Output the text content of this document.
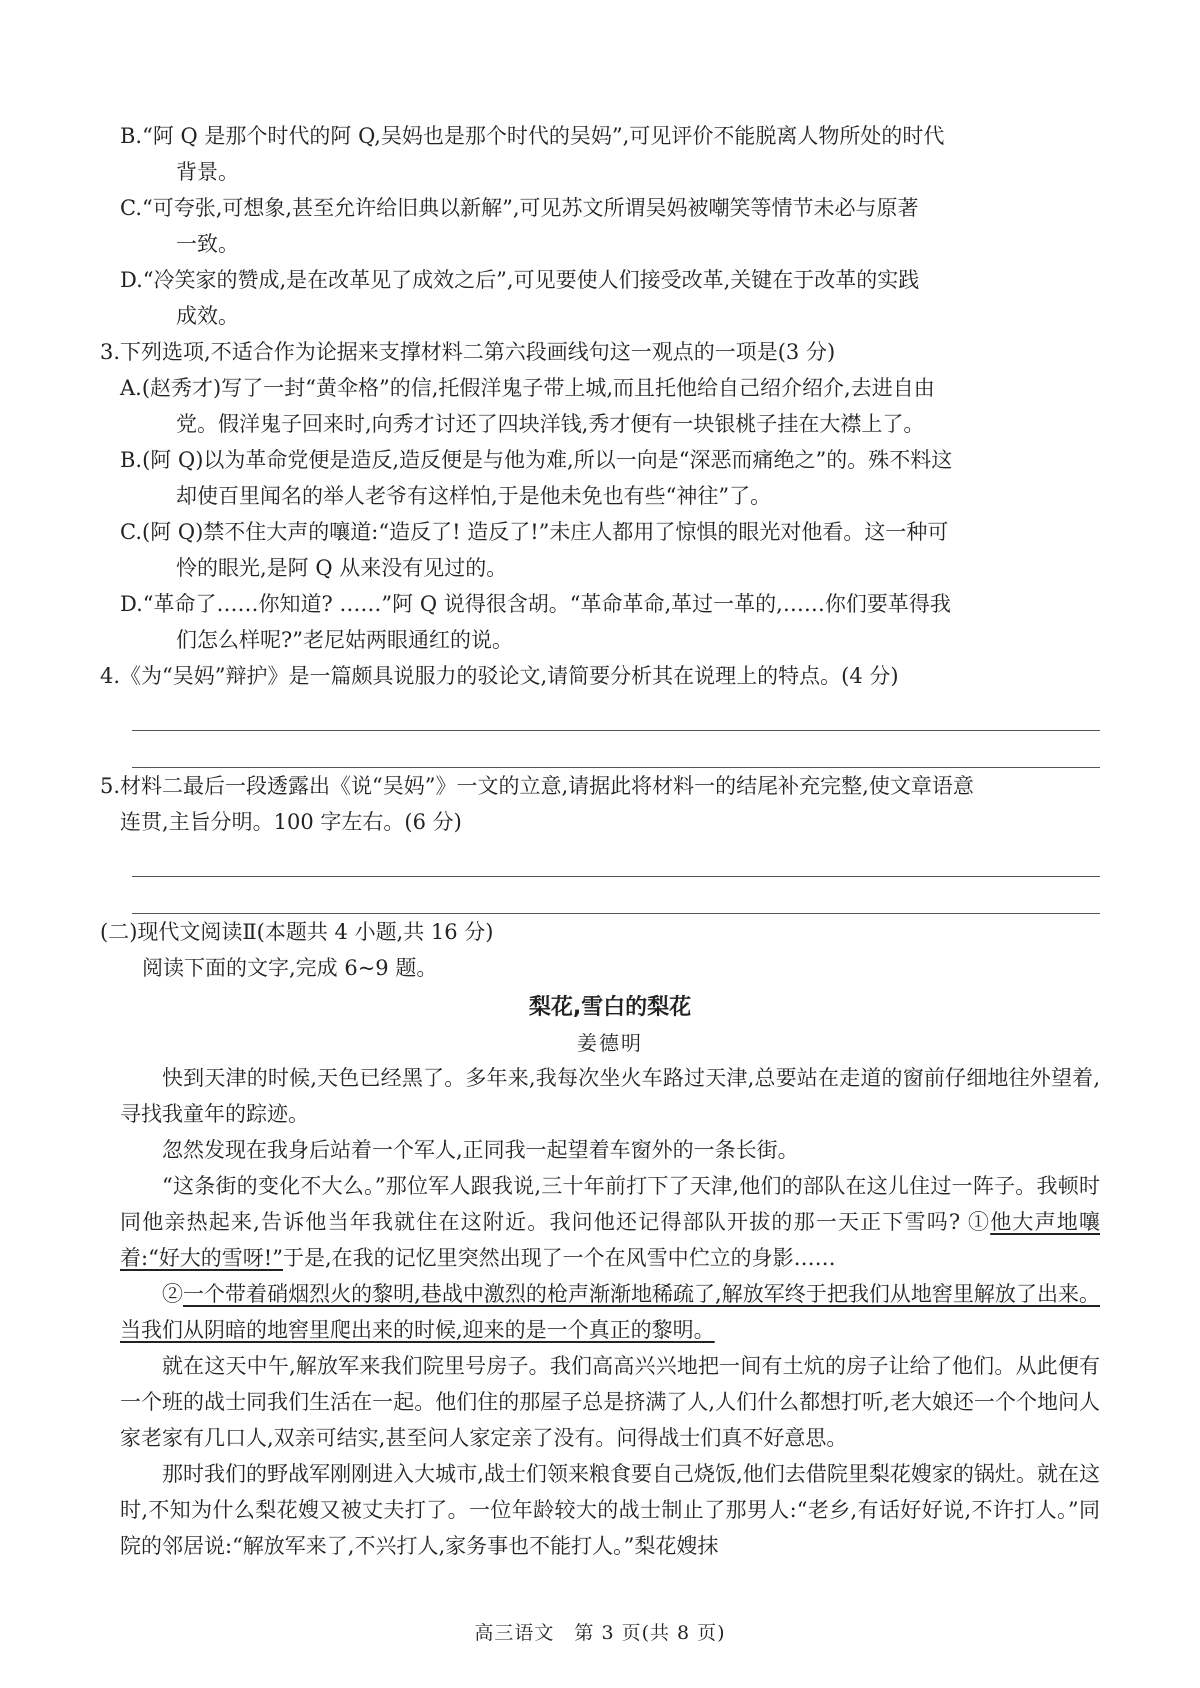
B.“阿 Q 是那个时代的阿 Q,吴妈也是那个时代的吴妈”,可见评价不能脱离人物所处的时代
背景。
C.“可夸张,可想象,甚至允许给旧典以新解”,可见苏文所谓吴妈被嘲笑等情节未必与原著
一致。
D.“冷笑家的赞成,是在改革见了成效之后”,可见要使人们接受改革,关键在于改革的实践
成效。
3.下列选项,不适合作为论据来支撑材料二第六段画线句这一观点的一项是(3 分)
A.(赵秀才)写了一封“黄伞格”的信,托假洋鬼子带上城,而且托他给自己绍介绍介,去进自由
党。假洋鬼子回来时,向秀才讨还了四块洋钱,秀才便有一块银桃子挂在大襟上了。
B.(阿 Q)以为革命党便是造反,造反便是与他为难,所以一向是“深恶而痛绝之”的。殊不料这
却使百里闻名的举人老爷有这样怕,于是他未免也有些“神往”了。
C.(阿 Q)禁不住大声的嚷道:“造反了! 造反了!”未庄人都用了惊惧的眼光对他看。这一种可
怜的眼光,是阿 Q 从来没有见过的。
D.“革命了……你知道? ……”阿 Q 说得很含胡。“革命革命,革过一革的,……你们要革得我
们怎么样呢?”老尼姑两眼通红的说。
4.《为“吴妈”辩护》是一篇颇具说服力的驳论文,请简要分析其在说理上的特点。(4 分)
5.材料二最后一段透露出《说“吴妈”》一文的立意,请据此将材料一的结尾补充完整,使文章语意
连贯,主旨分明。100 字左右。(6 分)
(二)现代文阅读Ⅱ(本题共 4 小题,共 16 分)
阅读下面的文字,完成 6~9 题。
梨花,雪白的梨花
姜德明
快到天津的时候,天色已经黑了。多年来,我每次坐火车路过天津,总要站在走道的窗前仔细地往外望着,寻找我童年的踪迹。
忽然发现在我身后站着一个军人,正同我一起望着车窗外的一条长街。
“这条街的变化不大么。”那位军人跟我说,三十年前打下了天津,他们的部队在这儿住过一阵子。我顿时同他亲热起来,告诉他当年我就住在这附近。我问他还记得部队开拔的那一天正下雪吗? ①他大声地嚷着:“好大的雪呀!”于是,在我的记忆里突然出现了一个在风雪中伫立的身影……
②一个带着硝烟烈火的黎明,巷战中激烈的枪声渐渐地稀疏了,解放军终于把我们从地窖里解放了出来。当我们从阴暗的地窖里爬出来的时候,迎来的是一个真正的黎明。
就在这天中午,解放军来我们院里号房子。我们高高兴兴地把一间有土炕的房子让给了他们。从此便有一个班的战士同我们生活在一起。他们住的那屋子总是挤满了人,人们什么都想打听,老大娘还一个个地问人家老家有几口人,双亲可结实,甚至问人家定亲了没有。问得战士们真不好意思。
那时我们的野战军刚刚进入大城市,战士们领来粮食要自己烧饭,他们去借院里梨花嫂家的锅灶。就在这时,不知为什么梨花嫂又被丈夫打了。一位年龄较大的战士制止了那男人:“老乡,有话好好说,不许打人。”同院的邻居说:“解放军来了,不兴打人,家务事也不能打人。”梨花嫂抹
高三语文　第 3 页(共 8 页)
